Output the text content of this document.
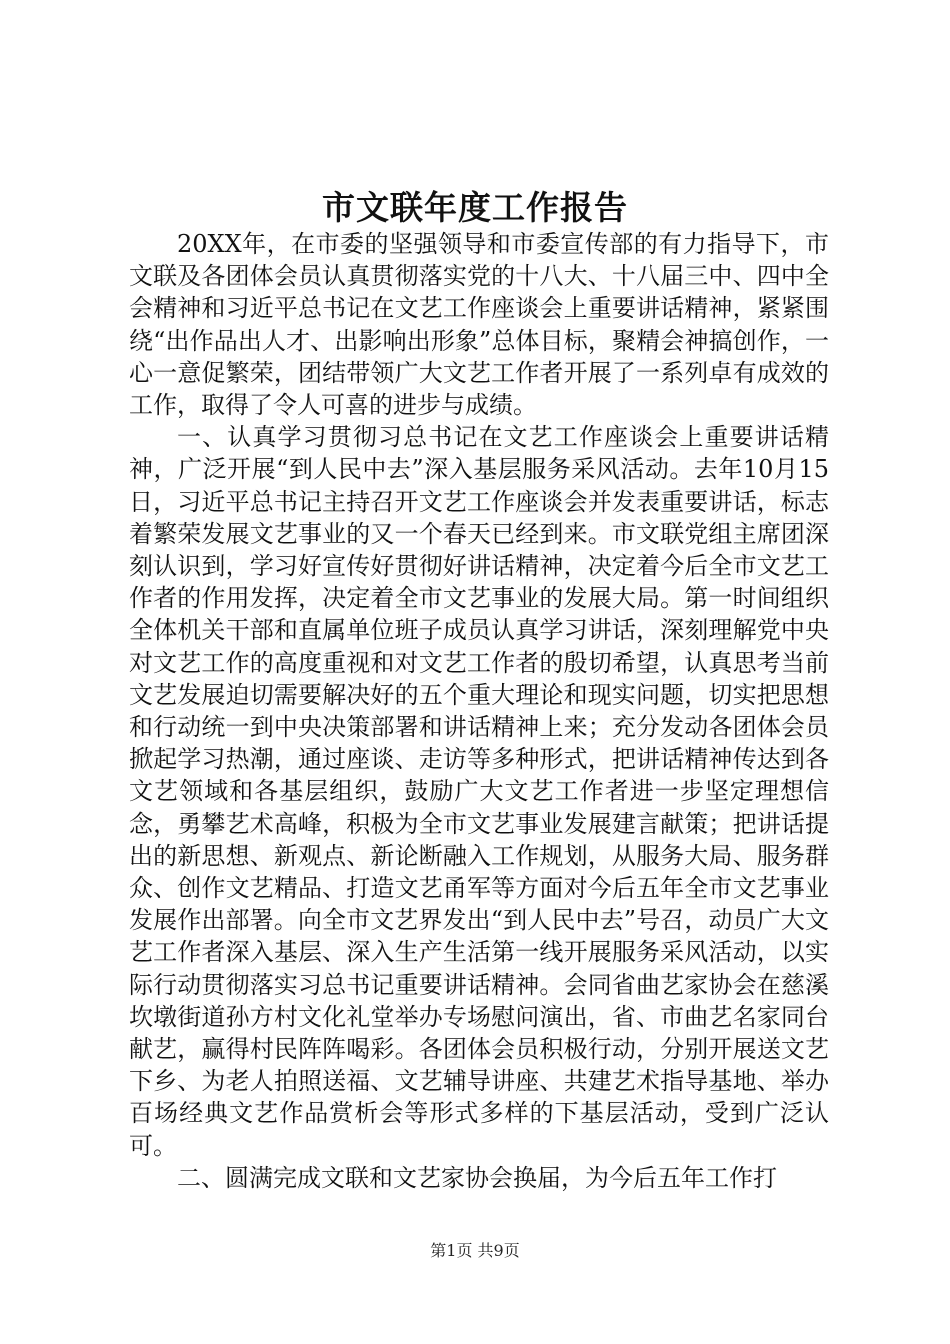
市文联年度工作报告

20XX年，在市委的坚强领导和市委宣传部的有力指导下，市文联及各团体会员认真贯彻落实党的十八大、十八届三中、四中全会精神和习近平总书记在文艺工作座谈会上重要讲话精神，紧紧围绕“出作品出人才、出影响出形象”总体目标，聚精会神搞创作，一心一意促繁荣，团结带领广大文艺工作者开展了一系列卓有成效的工作，取得了令人可喜的进步与成绩。

一、认真学习贯彻习总书记在文艺工作座谈会上重要讲话精神，广泛开展“到人民中去”深入基层服务采风活动。去年10月15日，习近平总书记主持召开文艺工作座谈会并发表重要讲话，标志着繁荣发展文艺事业的又一个春天已经到来。市文联党组主席团深刻认识到，学习好宣传好贯彻好讲话精神，决定着今后全市文艺工作者的作用发挥，决定着全市文艺事业的发展大局。第一时间组织全体机关干部和直属单位班子成员认真学习讲话，深刻理解党中央对文艺工作的高度重视和对文艺工作者的殷切希望，认真思考当前文艺发展迫切需要解决好的五个重大理论和现实问题，切实把思想和行动统一到中央决策部署和讲话精神上来；充分发动各团体会员掀起学习热潮，通过座谈、走访等多种形式，把讲话精神传达到各文艺领域和各基层组织，鼓励广大文艺工作者进一步坚定理想信念，勇攀艺术高峰，积极为全市文艺事业发展建言献策；把讲话提出的新思想、新观点、新论断融入工作规划，从服务大局、服务群众、创作文艺精品、打造文艺甬军等方面对今后五年全市文艺事业发展作出部署。向全市文艺界发出“到人民中去”号召，动员广大文艺工作者深入基层、深入生产生活第一线开展服务采风活动，以实际行动贯彻落实习总书记重要讲话精神。会同省曲艺家协会在慈溪坎墩街道孙方村文化礼堂举办专场慰问演出，省、市曲艺名家同台献艺，赢得村民阵阵喝彩。各团体会员积极行动，分别开展送文艺下乡、为老人拍照送福、文艺辅导讲座、共建艺术指导基地、举办百场经典文艺作品赏析会等形式多样的下基层活动，受到广泛认可。

二、圆满完成文联和文艺家协会换届，为今后五年工作打

第1页 共9页
